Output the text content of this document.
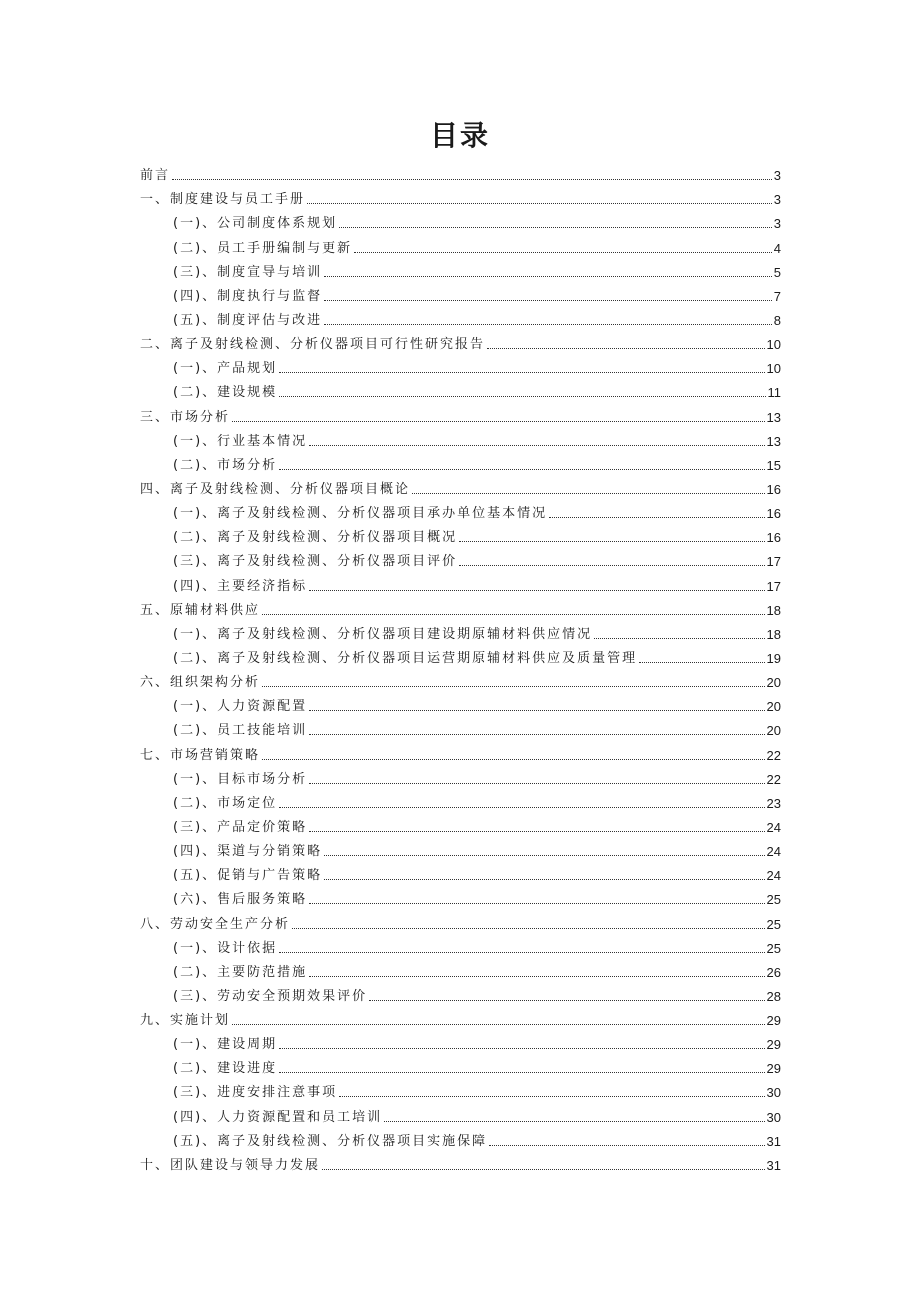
目录
前言	3
一、制度建设与员工手册	3
(一)、公司制度体系规划	3
(二)、员工手册编制与更新	4
(三)、制度宣导与培训	5
(四)、制度执行与监督	7
(五)、制度评估与改进	8
二、离子及射线检测、分析仪器项目可行性研究报告	10
(一)、产品规划	10
(二)、建设规模	11
三、市场分析	13
(一)、行业基本情况	13
(二)、市场分析	15
四、离子及射线检测、分析仪器项目概论	16
(一)、离子及射线检测、分析仪器项目承办单位基本情况	16
(二)、离子及射线检测、分析仪器项目概况	16
(三)、离子及射线检测、分析仪器项目评价	17
(四)、主要经济指标	17
五、原辅材料供应	18
(一)、离子及射线检测、分析仪器项目建设期原辅材料供应情况	18
(二)、离子及射线检测、分析仪器项目运营期原辅材料供应及质量管理	19
六、组织架构分析	20
(一)、人力资源配置	20
(二)、员工技能培训	20
七、市场营销策略	22
(一)、目标市场分析	22
(二)、市场定位	23
(三)、产品定价策略	24
(四)、渠道与分销策略	24
(五)、促销与广告策略	24
(六)、售后服务策略	25
八、劳动安全生产分析	25
(一)、设计依据	25
(二)、主要防范措施	26
(三)、劳动安全预期效果评价	28
九、实施计划	29
(一)、建设周期	29
(二)、建设进度	29
(三)、进度安排注意事项	30
(四)、人力资源配置和员工培训	30
(五)、离子及射线检测、分析仪器项目实施保障	31
十、团队建设与领导力发展	31
